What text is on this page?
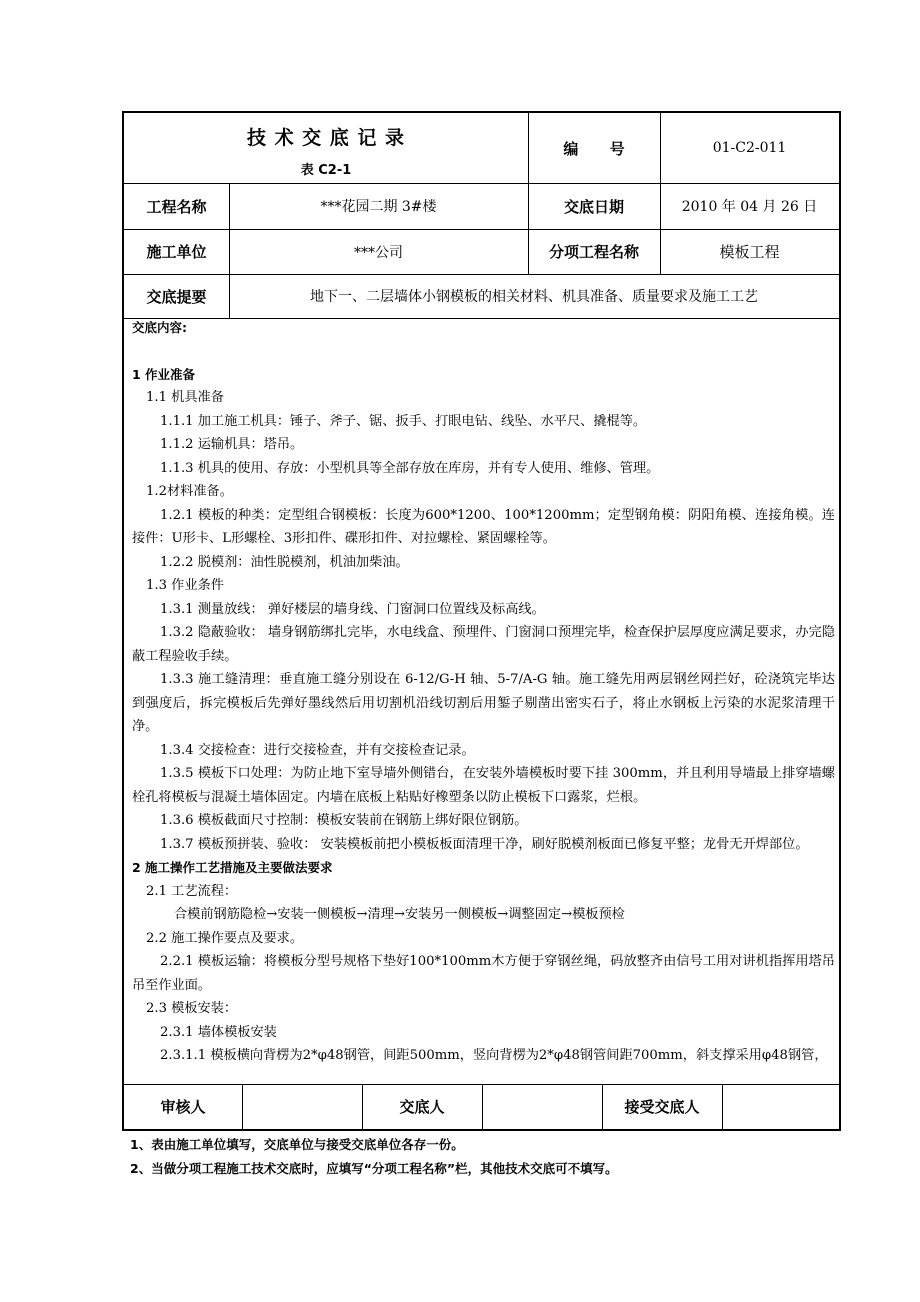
技 术 交 底 记 录
表 C2-1
编      号	01-C2-011
工程名称	***花园二期 3#楼	交底日期	2010 年 04 月 26 日
施工单位	***公司	分项工程名称	模板工程
交底提要	地下一、二层墙体小钢模板的相关材料、机具准备、质量要求及施工工艺

交底内容:

1 作业准备

1.1 机具准备

1.1.1 加工施工机具：锤子、斧子、锯、扳手、打眼电钻、线坠、水平尺、撬棍等。

1.1.2 运输机具：塔吊。

1.1.3 机具的使用、存放：小型机具等全部存放在库房，并有专人使用、维修、管理。

1.2材料准备。

1.2.1 模板的种类：定型组合钢模板：长度为600*1200、100*1200mm；定型钢角模：阴阳角模、连接角模。连接件：U形卡、L形螺栓、3形扣件、碟形扣件、对拉螺栓、紧固螺栓等。

1.2.2 脱模剂：油性脱模剂，机油加柴油。

1.3 作业条件

1.3.1 测量放线： 弹好楼层的墙身线、门窗洞口位置线及标高线。

1.3.2 隐蔽验收： 墙身钢筋绑扎完毕，水电线盒、预埋件、门窗洞口预埋完毕，检查保护层厚度应满足要求，办完隐蔽工程验收手续。

1.3.3 施工缝清理：垂直施工缝分别设在 6-12/G-H 轴、5-7/A-G 轴。施工缝先用两层钢丝网拦好，砼浇筑完毕达到强度后，拆完模板后先弹好墨线然后用切割机沿线切割后用錾子剔凿出密实石子，将止水钢板上污染的水泥浆清理干净。

1.3.4 交接检查：进行交接检查，并有交接检查记录。

1.3.5 模板下口处理：为防止地下室导墙外侧错台，在安装外墙模板时要下挂 300mm，并且利用导墙最上排穿墙螺栓孔将模板与混凝土墙体固定。内墙在底板上粘贴好橡塑条以防止模板下口露浆，烂根。

1.3.6 模板截面尺寸控制：模板安装前在钢筋上绑好限位钢筋。

1.3.7 模板预拼装、验收： 安装模板前把小模板板面清理干净，刷好脱模剂板面已修复平整；龙骨无开焊部位。

2 施工操作工艺措施及主要做法要求

2.1 工艺流程：

合模前钢筋隐检→安装一侧模板→清理→安装另一侧模板→调整固定→模板预检

2.2 施工操作要点及要求。

2.2.1 模板运输：将模板分型号规格下垫好100*100mm木方便于穿钢丝绳，码放整齐由信号工用对讲机指挥用塔吊吊至作业面。

2.3 模板安装：

2.3.1 墙体模板安装

2.3.1.1 模板横向背楞为2*φ48钢管，间距500mm，竖向背楞为2*φ48钢管间距700mm，斜支撑采用φ48钢管，

审核人	交底人	接受交底人

1、表由施工单位填写，交底单位与接受交底单位各存一份。

2、当做分项工程施工技术交底时，应填写“分项工程名称”栏，其他技术交底可不填写。
